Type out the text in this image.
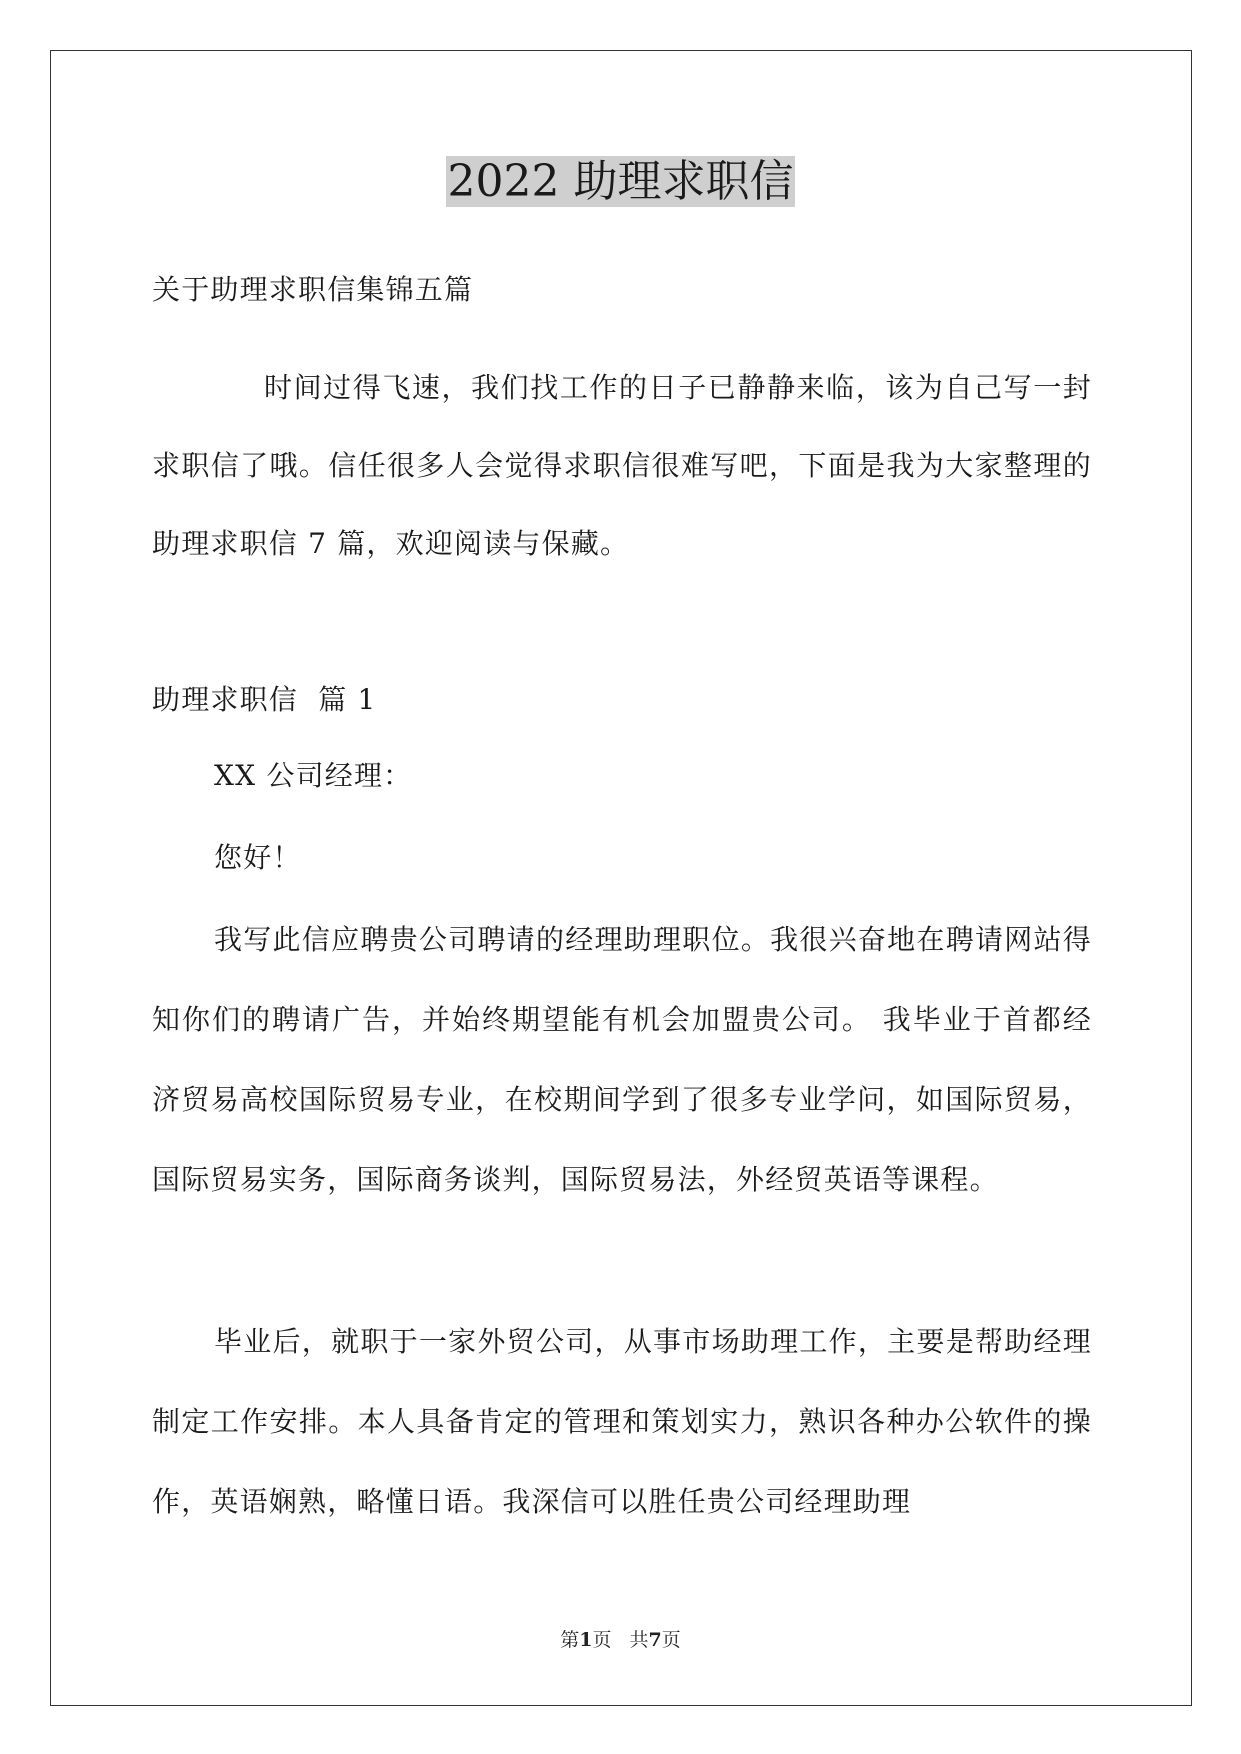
2022 助理求职信

关于助理求职信集锦五篇

时间过得飞速，我们找工作的日子已静静来临，该为自己写一封求职信了哦。信任很多人会觉得求职信很难写吧，下面是我为大家整理的助理求职信 7 篇，欢迎阅读与保藏。

助理求职信  篇 1

XX 公司经理：

您好！

我写此信应聘贵公司聘请的经理助理职位。我很兴奋地在聘请网站得知你们的聘请广告，并始终期望能有机会加盟贵公司。 我毕业于首都经济贸易高校国际贸易专业，在校期间学到了很多专业学问，如国际贸易，国际贸易实务，国际商务谈判，国际贸易法，外经贸英语等课程。

毕业后，就职于一家外贸公司，从事市场助理工作，主要是帮助经理制定工作安排。本人具备肯定的管理和策划实力，熟识各种办公软件的操作，英语娴熟，略懂日语。我深信可以胜任贵公司经理助理

第1页 共7页
